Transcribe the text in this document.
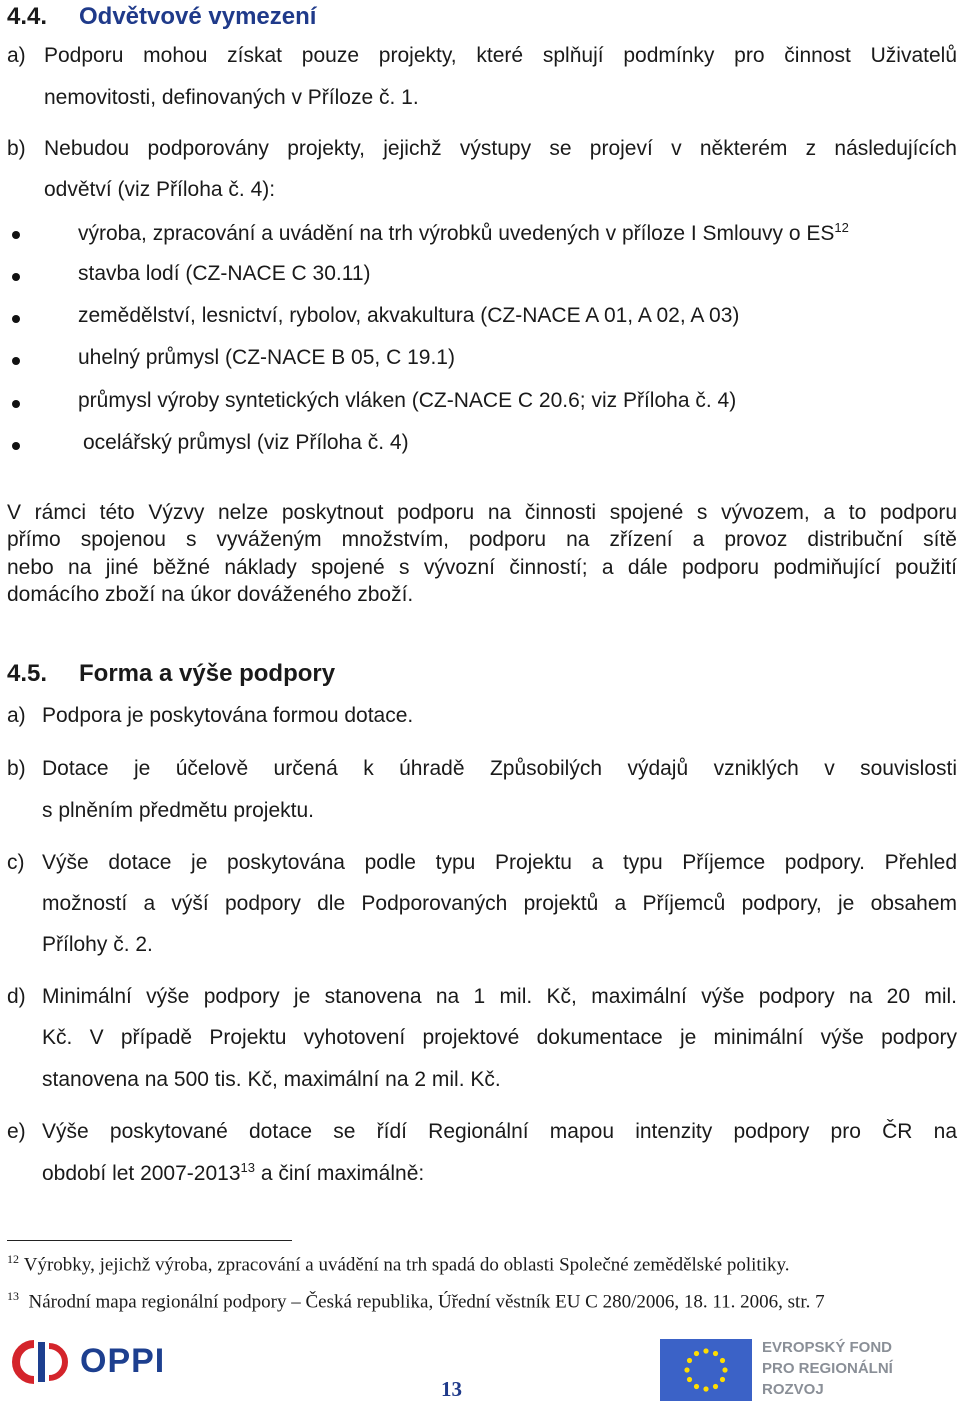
4.4. Odvětvové vymezení
a) Podporu mohou získat pouze projekty, které splňují podmínky pro činnost Uživatelů
nemovitosti, definovaných v Příloze č. 1.
b) Nebudou podporovány projekty, jejichž výstupy se projeví v některém z následujících
odvětví (viz Příloha č. 4):
výroba, zpracování a uvádění na trh výrobků uvedených v příloze I Smlouvy o ES$^{12}$
stavba lodí (CZ-NACE C 30.11)
zemědělství, lesnictví, rybolov, akvakultura (CZ-NACE A 01, A 02, A 03)
uhelný průmysl (CZ-NACE B 05, C 19.1)
průmysl výroby syntetických vláken (CZ-NACE C 20.6; viz Příloha č. 4)
ocelářský průmysl (viz Příloha č. 4)
V rámci této Výzvy nelze poskytnout podporu na činnosti spojené s vývozem, a to podporu
přímo spojenou s vyváženým množstvím, podporu na zřízení a provoz distribuční sítě
nebo na jiné běžné náklady spojené s vývozní činností; a dále podporu podmiňující použití
domácího zboží na úkor dováženého zboží.
4.5. Forma a výše podpory
a) Podpora je poskytována formou dotace.
b) Dotace je účelově určená k úhradě Způsobilých výdajů vzniklých v souvislosti
s plněním předmětu projektu.
c) Výše dotace je poskytována podle typu Projektu a typu Příjemce podpory. Přehled
možností a výší podpory dle Podporovaných projektů a Příjemců podpory, je obsahem
Přílohy č. 2.
d) Minimální výše podpory je stanovena na 1 mil. Kč, maximální výše podpory na 20 mil.
Kč. V případě Projektu vyhotovení projektové dokumentace je minimální výše podpory
stanovena na 500 tis. Kč, maximální na 2 mil. Kč.
e) Výše poskytované dotace se řídí Regionální mapou intenzity podpory pro ČR na
období let 2007-2013$^{13}$ a činí maximálně:
$^{12}$ Výrobky, jejichž výroba, zpracování a uvádění na trh spadá do oblasti Společné zemědělské politiky.
$^{13}$ Národní mapa regionální podpory – Česká republika, Úřední věstník EU C 280/2006, 18. 11. 2006, str. 7
OPPI
13
EVROPSKÝ FOND
PRO REGIONÁLNÍ
ROZVOJ
